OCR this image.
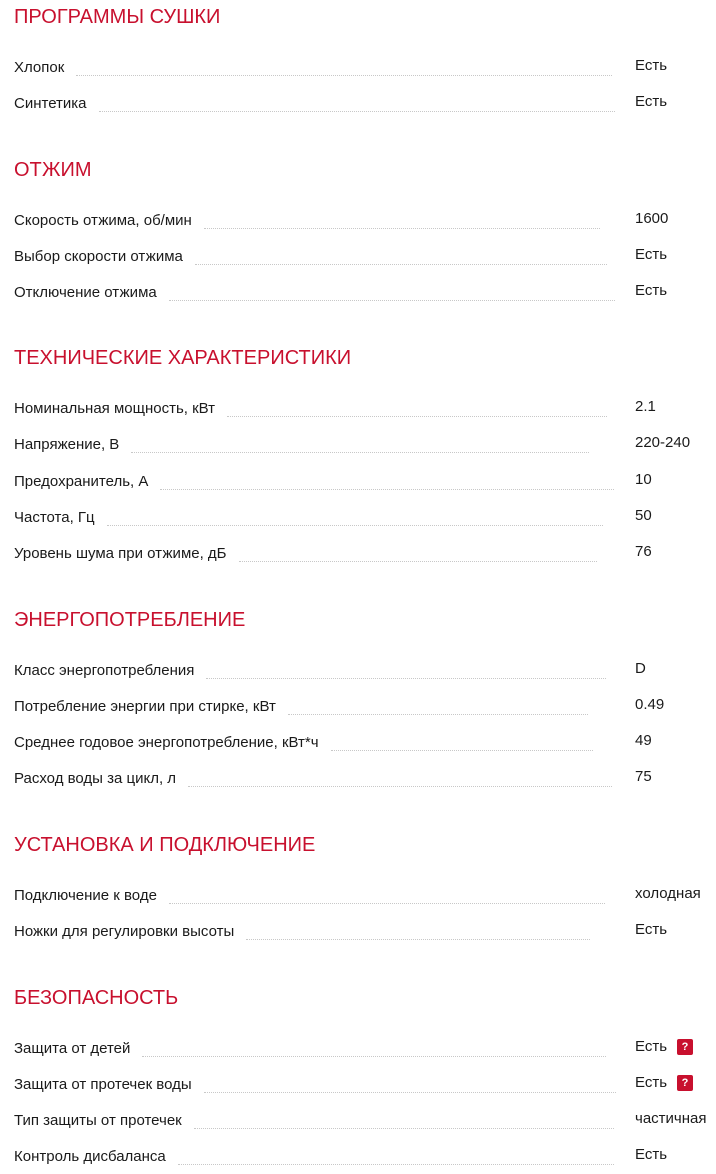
ПРОГРАММЫ СУШКИ
Хлопок	Есть
Синтетика	Есть
ОТЖИМ
Скорость отжима, об/мин	1600
Выбор скорости отжима	Есть
Отключение отжима	Есть
ТЕХНИЧЕСКИЕ ХАРАКТЕРИСТИКИ
Номинальная мощность, кВт	2.1
Напряжение, В	220-240
Предохранитель, А	10
Частота, Гц	50
Уровень шума при отжиме, дБ	76
ЭНЕРГОПОТРЕБЛЕНИЕ
Класс энергопотребления	D
Потребление энергии при стирке, кВт	0.49
Среднее годовое энергопотребление, кВт*ч	49
Расход воды за цикл, л	75
УСТАНОВКА И ПОДКЛЮЧЕНИЕ
Подключение к воде	холодная
Ножки для регулировки высоты	Есть
БЕЗОПАСНОСТЬ
Защита от детей	Есть	?
Защита от протечек воды	Есть	?
Тип защиты от протечек	частичная
Контроль дисбаланса	Есть
